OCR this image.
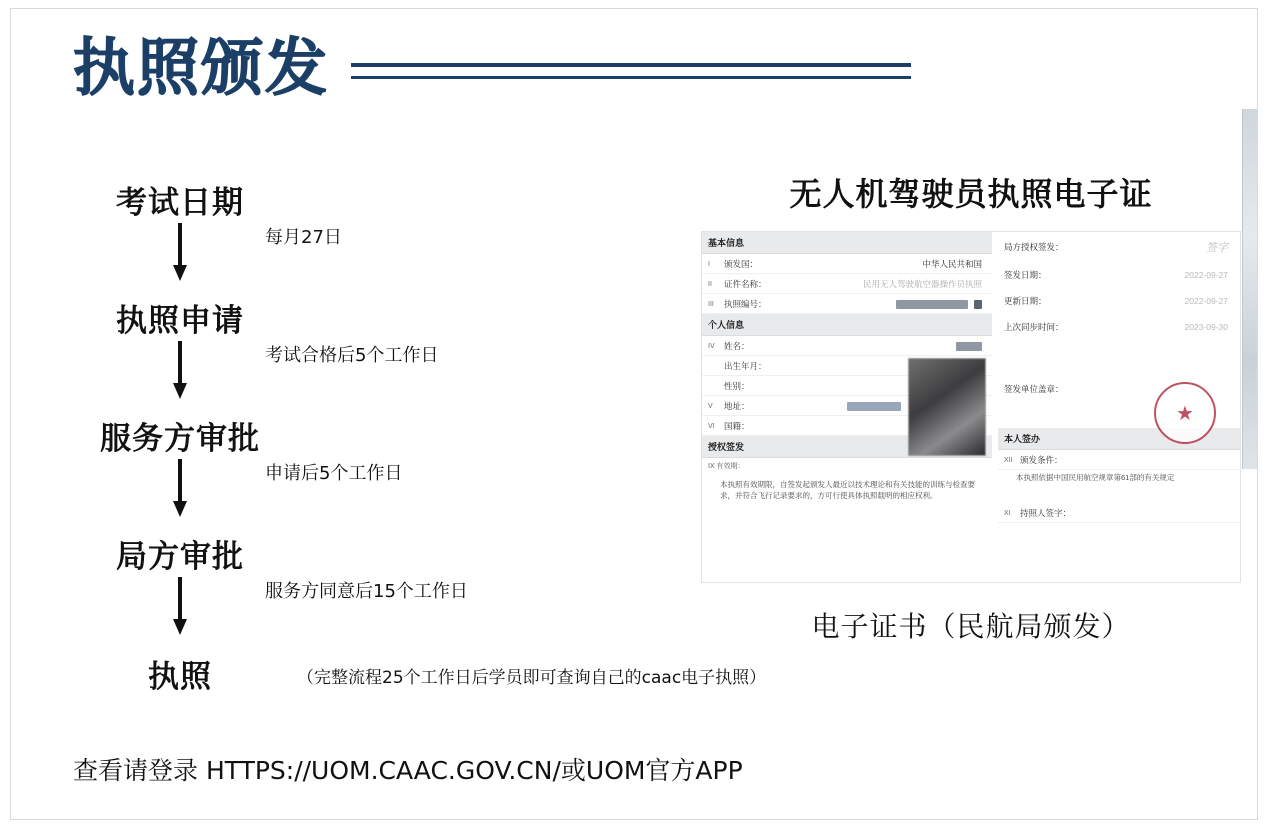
执照颁发
考试日期
每月27日
执照申请
考试合格后5个工作日
服务方审批
申请后5个工作日
局方审批
服务方同意后15个工作日
执照	（完整流程25个工作日后学员即可查询自己的caac电子执照）
无人机驾驶员执照电子证
基本信息
I	颁发国：	中华人民共和国
II	证件名称：	民用无人驾驶航空器操作员执照
III	执照编号：

个人信息
IV	姓名：
出生年月：

性别：
V	地址：

VI	国籍：
授权签发
IX 有效期：
本执照有效期限，自签发起颁发人最近以技术理论和有关技能的训练与检查要求，并符合飞行记录要求的，方可行使具体执照载明的相应权利。
局方授权签发：	签字
签发日期：	2022-09-27
更新日期：	2022-09-27
上次同步时间：	2023-09-30
签发单位盖章：
★
本人签办
XII 颁发条件：
本执照依据中国民用航空规章第61部的有关规定
XI	持照人签字：
电子证书（民航局颁发）
查看请登录 HTTPS://UOM.CAAC.GOV.CN/或UOM官方APP
